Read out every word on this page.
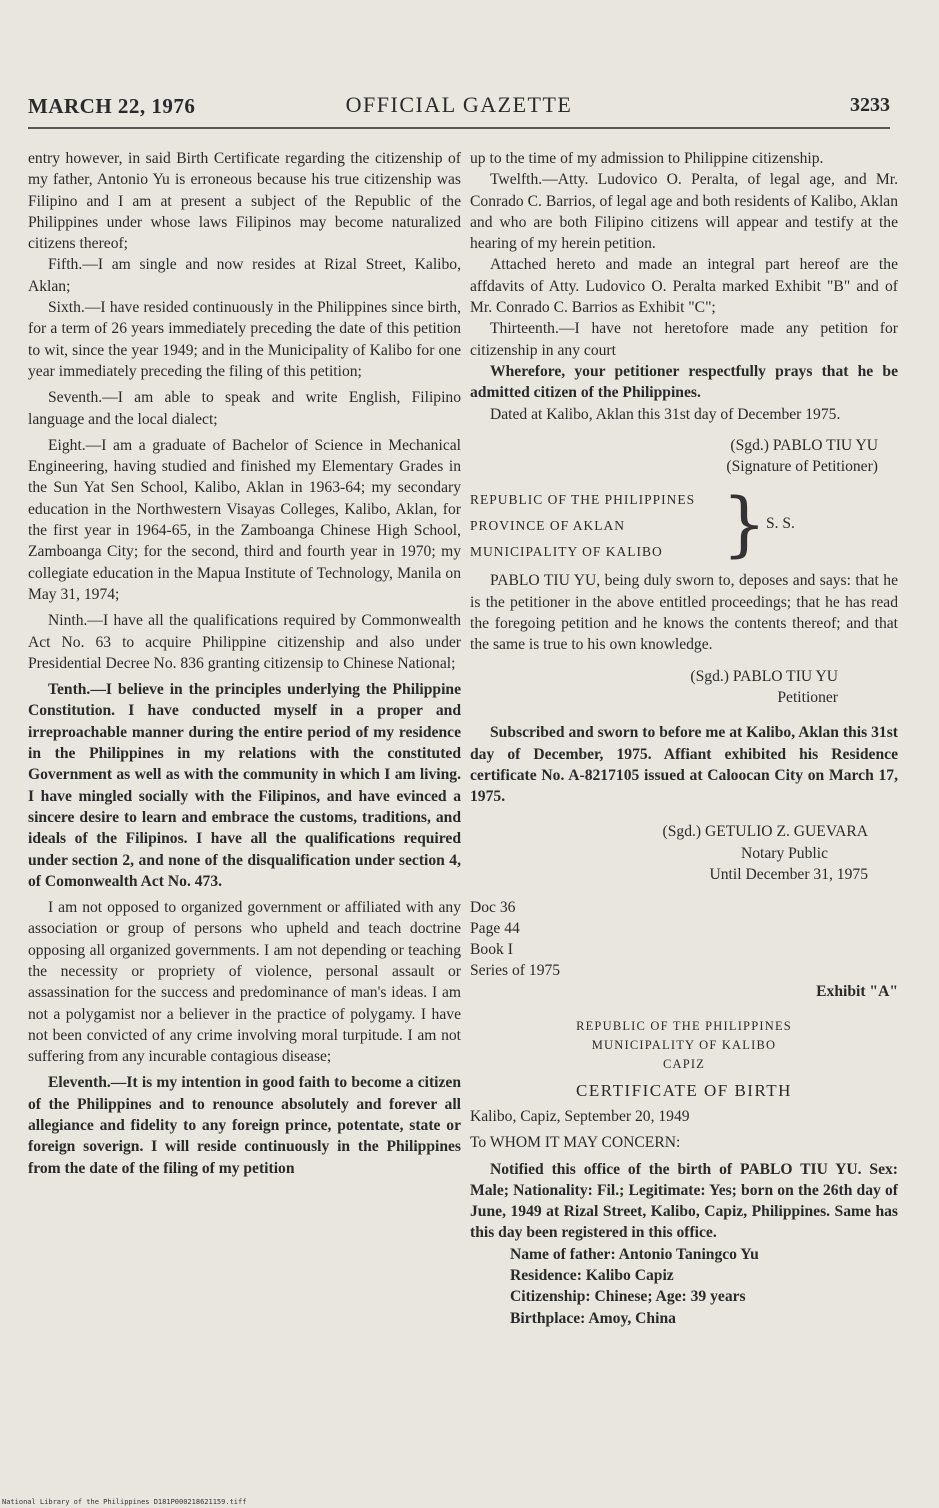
MARCH 22, 1976	OFFICIAL GAZETTE	3233

entry however, in said Birth Certificate regarding the citizenship of my father, Antonio Yu is erroneous because his true citizenship was Filipino and I am at present a subject of the Republic of the Philippines under whose laws Filipinos may become naturalized citizens thereof;

Fifth.—I am single and now resides at Rizal Street, Kalibo, Aklan;

Sixth.—I have resided continuously in the Philippines since birth, for a term of 26 years immediately preceding the date of this petition to wit, since the year 1949; and in the Municipality of Kalibo for one year immediately preceding the filing of this petition;

Seventh.—I am able to speak and write English, Filipino language and the local dialect;

Eight.—I am a graduate of Bachelor of Science in Mechanical Engineering, having studied and finished my Elementary Grades in the Sun Yat Sen School, Kalibo, Aklan in 1963-64; my secondary education in the Northwestern Visayas Colleges, Kalibo, Aklan, for the first year in 1964-65, in the Zamboanga Chinese High School, Zamboanga City; for the second, third and fourth year in 1970; my collegiate education in the Mapua Institute of Technology, Manila on May 31, 1974;

Ninth.—I have all the qualifications required by Commonwealth Act No. 63 to acquire Philippine citizenship and also under Presidential Decree No. 836 granting citizensip to Chinese National;

Tenth.—I believe in the principles underlying the Philippine Constitution. I have conducted myself in a proper and irreproachable manner during the entire period of my residence in the Philippines in my relations with the constituted Government as well as with the community in which I am living. I have mingled socially with the Filipinos, and have evinced a sincere desire to learn and embrace the customs, traditions, and ideals of the Filipinos. I have all the qualifications required under section 2, and none of the disqualification under section 4, of Comonwealth Act No. 473.

I am not opposed to organized government or affiliated with any association or group of persons who upheld and teach doctrine opposing all organized governments. I am not depending or teaching the necessity or propriety of violence, personal assault or assassination for the success and predominance of man's ideas. I am not a polygamist nor a believer in the practice of polygamy. I have not been convicted of any crime involving moral turpitude. I am not suffering from any incurable contagious disease;

Eleventh.—It is my intention in good faith to become a citizen of the Philippines and to renounce absolutely and forever all allegiance and fidelity to any foreign prince, potentate, state or foreign soverign. I will reside continuously in the Philippines from the date of the filing of my petition

up to the time of my admission to Philippine citizenship.

Twelfth.—Atty. Ludovico O. Peralta, of legal age, and Mr. Conrado C. Barrios, of legal age and both residents of Kalibo, Aklan and who are both Filipino citizens will appear and testify at the hearing of my herein petition.

Attached hereto and made an integral part hereof are the affdavits of Atty. Ludovico O. Peralta marked Exhibit "B" and of Mr. Conrado C. Barrios as Exhibit "C";

Thirteenth.—I have not heretofore made any petition for citizenship in any court

Wherefore, your petitioner respectfully prays that he be admitted citizen of the Philippines.

Dated at Kalibo, Aklan this 31st day of December 1975.

(Sgd.) PABLO TIU YU
(Signature of Petitioner)
REPUBLIC OF THE PHILIPPINES
PROVINCE OF AKLAN
MUNICIPALITY OF KALIBO }
S. S.

PABLO TIU YU, being duly sworn to, deposes and says: that he is the petitioner in the above entitled proceedings; that he has read the foregoing petition and he knows the contents thereof; and that the same is true to his own knowledge.

(Sgd.) PABLO TIU YU
Petitioner

Subscribed and sworn to before me at Kalibo, Aklan this 31st day of December, 1975. Affiant exhibited his Residence certificate No. A-8217105 issued at Caloocan City on March 17, 1975.

(Sgd.) GETULIO Z. GUEVARA
Notary Public
Until December 31, 1975
Doc 36
Page 44
Book I
Series of 1975
Exhibit "A"
REPUBLIC OF THE PHILIPPINES
MUNICIPALITY OF KALIBO
CAPIZ
CERTIFICATE OF BIRTH

Kalibo, Capiz, September 20, 1949

To WHOM IT MAY CONCERN:

Notified this office of the birth of PABLO TIU YU. Sex: Male; Nationality: Fil.; Legitimate: Yes; born on the 26th day of June, 1949 at Rizal Street, Kalibo, Capiz, Philippines. Same has this day been registered in this office.

Name of father: Antonio Taningco Yu
Residence: Kalibo Capiz
Citizenship: Chinese; Age: 39 years
Birthplace: Amoy, China
National Library of the Philippines D181P000218621159.tiff
